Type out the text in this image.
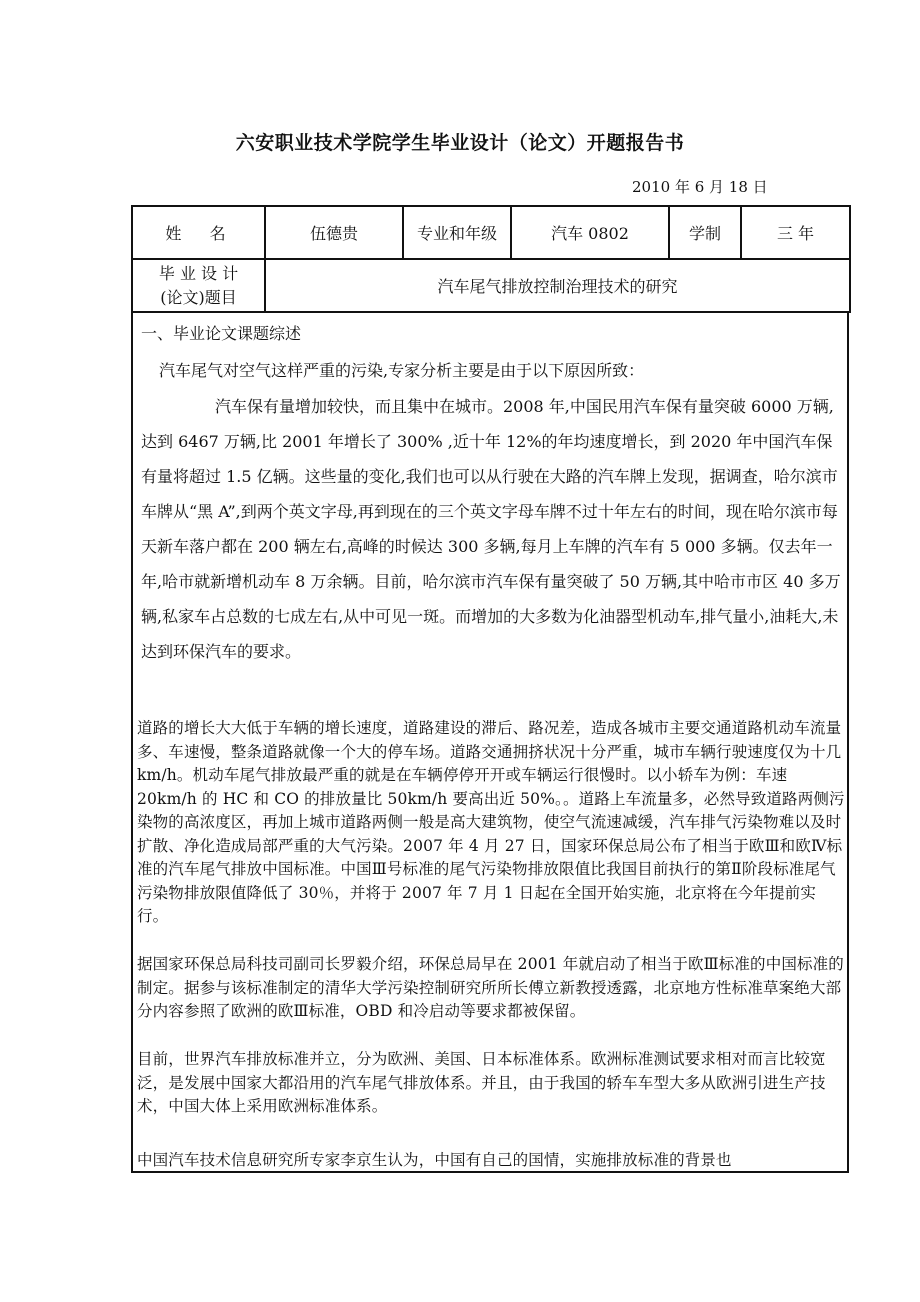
六安职业技术学院学生毕业设计（论文）开题报告书
2010 年 6 月 18 日
姓  名	伍德贵	专业和年级	汽车 0802	学制	三 年

毕 业 设 计
(论文)题目	汽车尾气排放控制治理技术的研究				
一、毕业论文课题综述
汽车尾气对空气这样严重的污染,专家分析主要是由于以下原因所致：

汽车保有量增加较快，而且集中在城市。2008 年,中国民用汽车保有量突破 6000 万辆,达到 6467 万辆,比 2001 年增长了 300% ,近十年 12%的年均速度增长，到 2020 年中国汽车保有量将超过 1.5 亿辆。这些量的变化,我们也可以从行驶在大路的汽车牌上发现，据调查，哈尔滨市车牌从“黑 A”,到两个英文字母,再到现在的三个英文字母车牌不过十年左右的时间，现在哈尔滨市每天新车落户都在 200 辆左右,高峰的时候达 300 多辆,每月上车牌的汽车有 5 000 多辆。仅去年一年,哈市就新增机动车 8 万余辆。目前，哈尔滨市汽车保有量突破了 50 万辆,其中哈市市区 40 多万辆,私家车占总数的七成左右,从中可见一斑。而增加的大多数为化油器型机动车,排气量小,油耗大,未达到环保汽车的要求。

道路的增长大大低于车辆的增长速度，道路建设的滞后、路况差，造成各城市主要交通道路机动车流量多、车速慢，整条道路就像一个大的停车场。道路交通拥挤状况十分严重，城市车辆行驶速度仅为十几 km/h。机动车尾气排放最严重的就是在车辆停停开开或车辆运行很慢时。以小轿车为例：车速 20km/h 的 HC 和 CO 的排放量比 50km/h 要高出近 50%。。道路上车流量多，必然导致道路两侧污染物的高浓度区，再加上城市道路两侧一般是高大建筑物，使空气流速减缓，汽车排气污染物难以及时扩散、净化造成局部严重的大气污染。2007 年 4 月 27 日，国家环保总局公布了相当于欧Ⅲ和欧Ⅳ标准的汽车尾气排放中国标准。中国Ⅲ号标准的尾气污染物排放限值比我国目前执行的第Ⅱ阶段标准尾气污染物排放限值降低了 30％，并将于 2007 年 7 月 1 日起在全国开始实施，北京将在今年提前实行。

据国家环保总局科技司副司长罗毅介绍，环保总局早在 2001 年就启动了相当于欧Ⅲ标准的中国标准的制定。据参与该标准制定的清华大学污染控制研究所所长傅立新教授透露，北京地方性标准草案绝大部分内容参照了欧洲的欧Ⅲ标准，OBD 和冷启动等要求都被保留。

目前，世界汽车排放标准并立，分为欧洲、美国、日本标准体系。欧洲标准测试要求相对而言比较宽泛，是发展中国家大都沿用的汽车尾气排放体系。并且，由于我国的轿车车型大多从欧洲引进生产技术，中国大体上采用欧洲标准体系。

中国汽车技术信息研究所专家李京生认为，中国有自己的国情，实施排放标准的背景也
